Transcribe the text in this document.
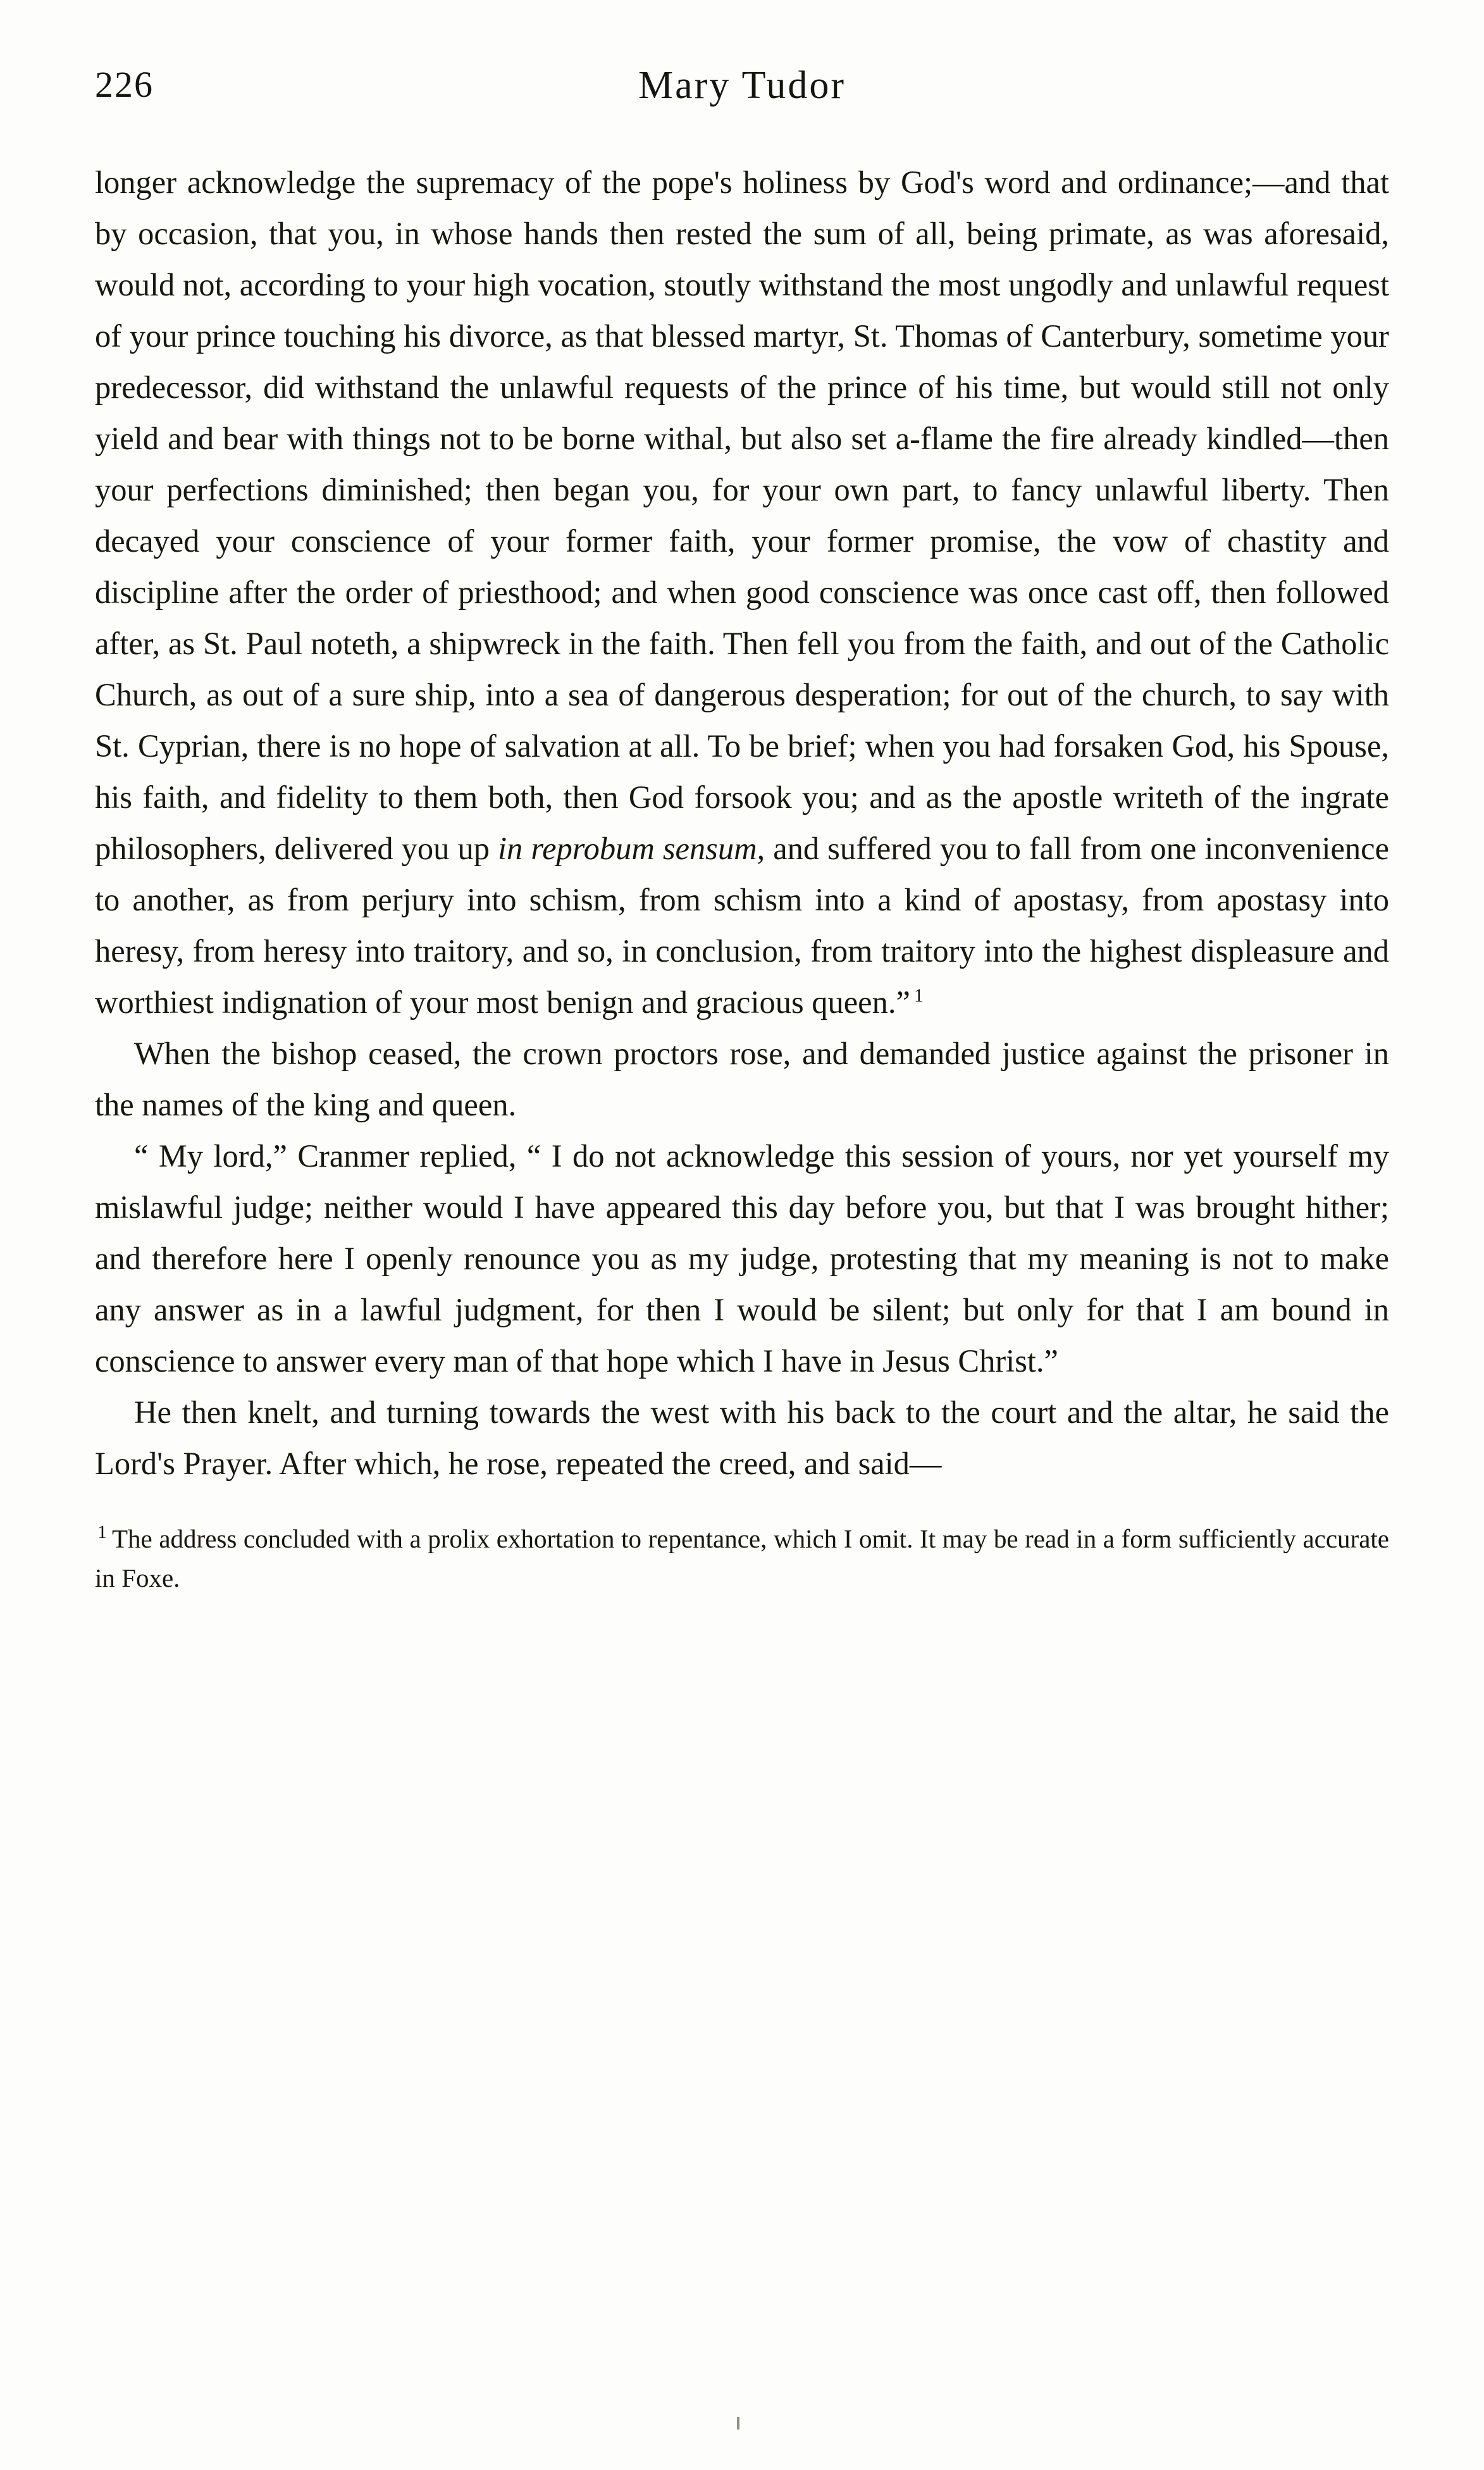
226	Mary Tudor

longer acknowledge the supremacy of the pope's holiness by God's word and ordinance;—and that by occasion, that you, in whose hands then rested the sum of all, being primate, as was aforesaid, would not, according to your high vocation, stoutly withstand the most ungodly and unlawful request of your prince touching his divorce, as that blessed martyr, St. Thomas of Canterbury, sometime your predecessor, did withstand the unlawful requests of the prince of his time, but would still not only yield and bear with things not to be borne withal, but also set a-flame the fire already kindled—then your perfections diminished; then began you, for your own part, to fancy unlawful liberty. Then decayed your conscience of your former faith, your former promise, the vow of chastity and discipline after the order of priesthood; and when good conscience was once cast off, then followed after, as St. Paul noteth, a shipwreck in the faith. Then fell you from the faith, and out of the Catholic Church, as out of a sure ship, into a sea of dangerous desperation; for out of the church, to say with St. Cyprian, there is no hope of salvation at all. To be brief; when you had forsaken God, his Spouse, his faith, and fidelity to them both, then God forsook you; and as the apostle writeth of the ingrate philosophers, delivered you up in reprobum sensum, and suffered you to fall from one inconvenience to another, as from perjury into schism, from schism into a kind of apostasy, from apostasy into heresy, from heresy into traitory, and so, in conclusion, from traitory into the highest displeasure and worthiest indignation of your most benign and gracious queen.” $^1$

When the bishop ceased, the crown proctors rose, and demanded justice against the prisoner in the names of the king and queen.

“ My lord,” Cranmer replied, “ I do not acknowledge this session of yours, nor yet yourself my mislawful judge; neither would I have appeared this day before you, but that I was brought hither; and therefore here I openly renounce you as my judge, protesting that my meaning is not to make any answer as in a lawful judgment, for then I would be silent; but only for that I am bound in conscience to answer every man of that hope which I have in Jesus Christ.”

He then knelt, and turning towards the west with his back to the court and the altar, he said the Lord's Prayer. After which, he rose, repeated the creed, and said—

$^1$ The address concluded with a prolix exhortation to repentance, which I omit. It may be read in a form sufficiently accurate in Foxe.
